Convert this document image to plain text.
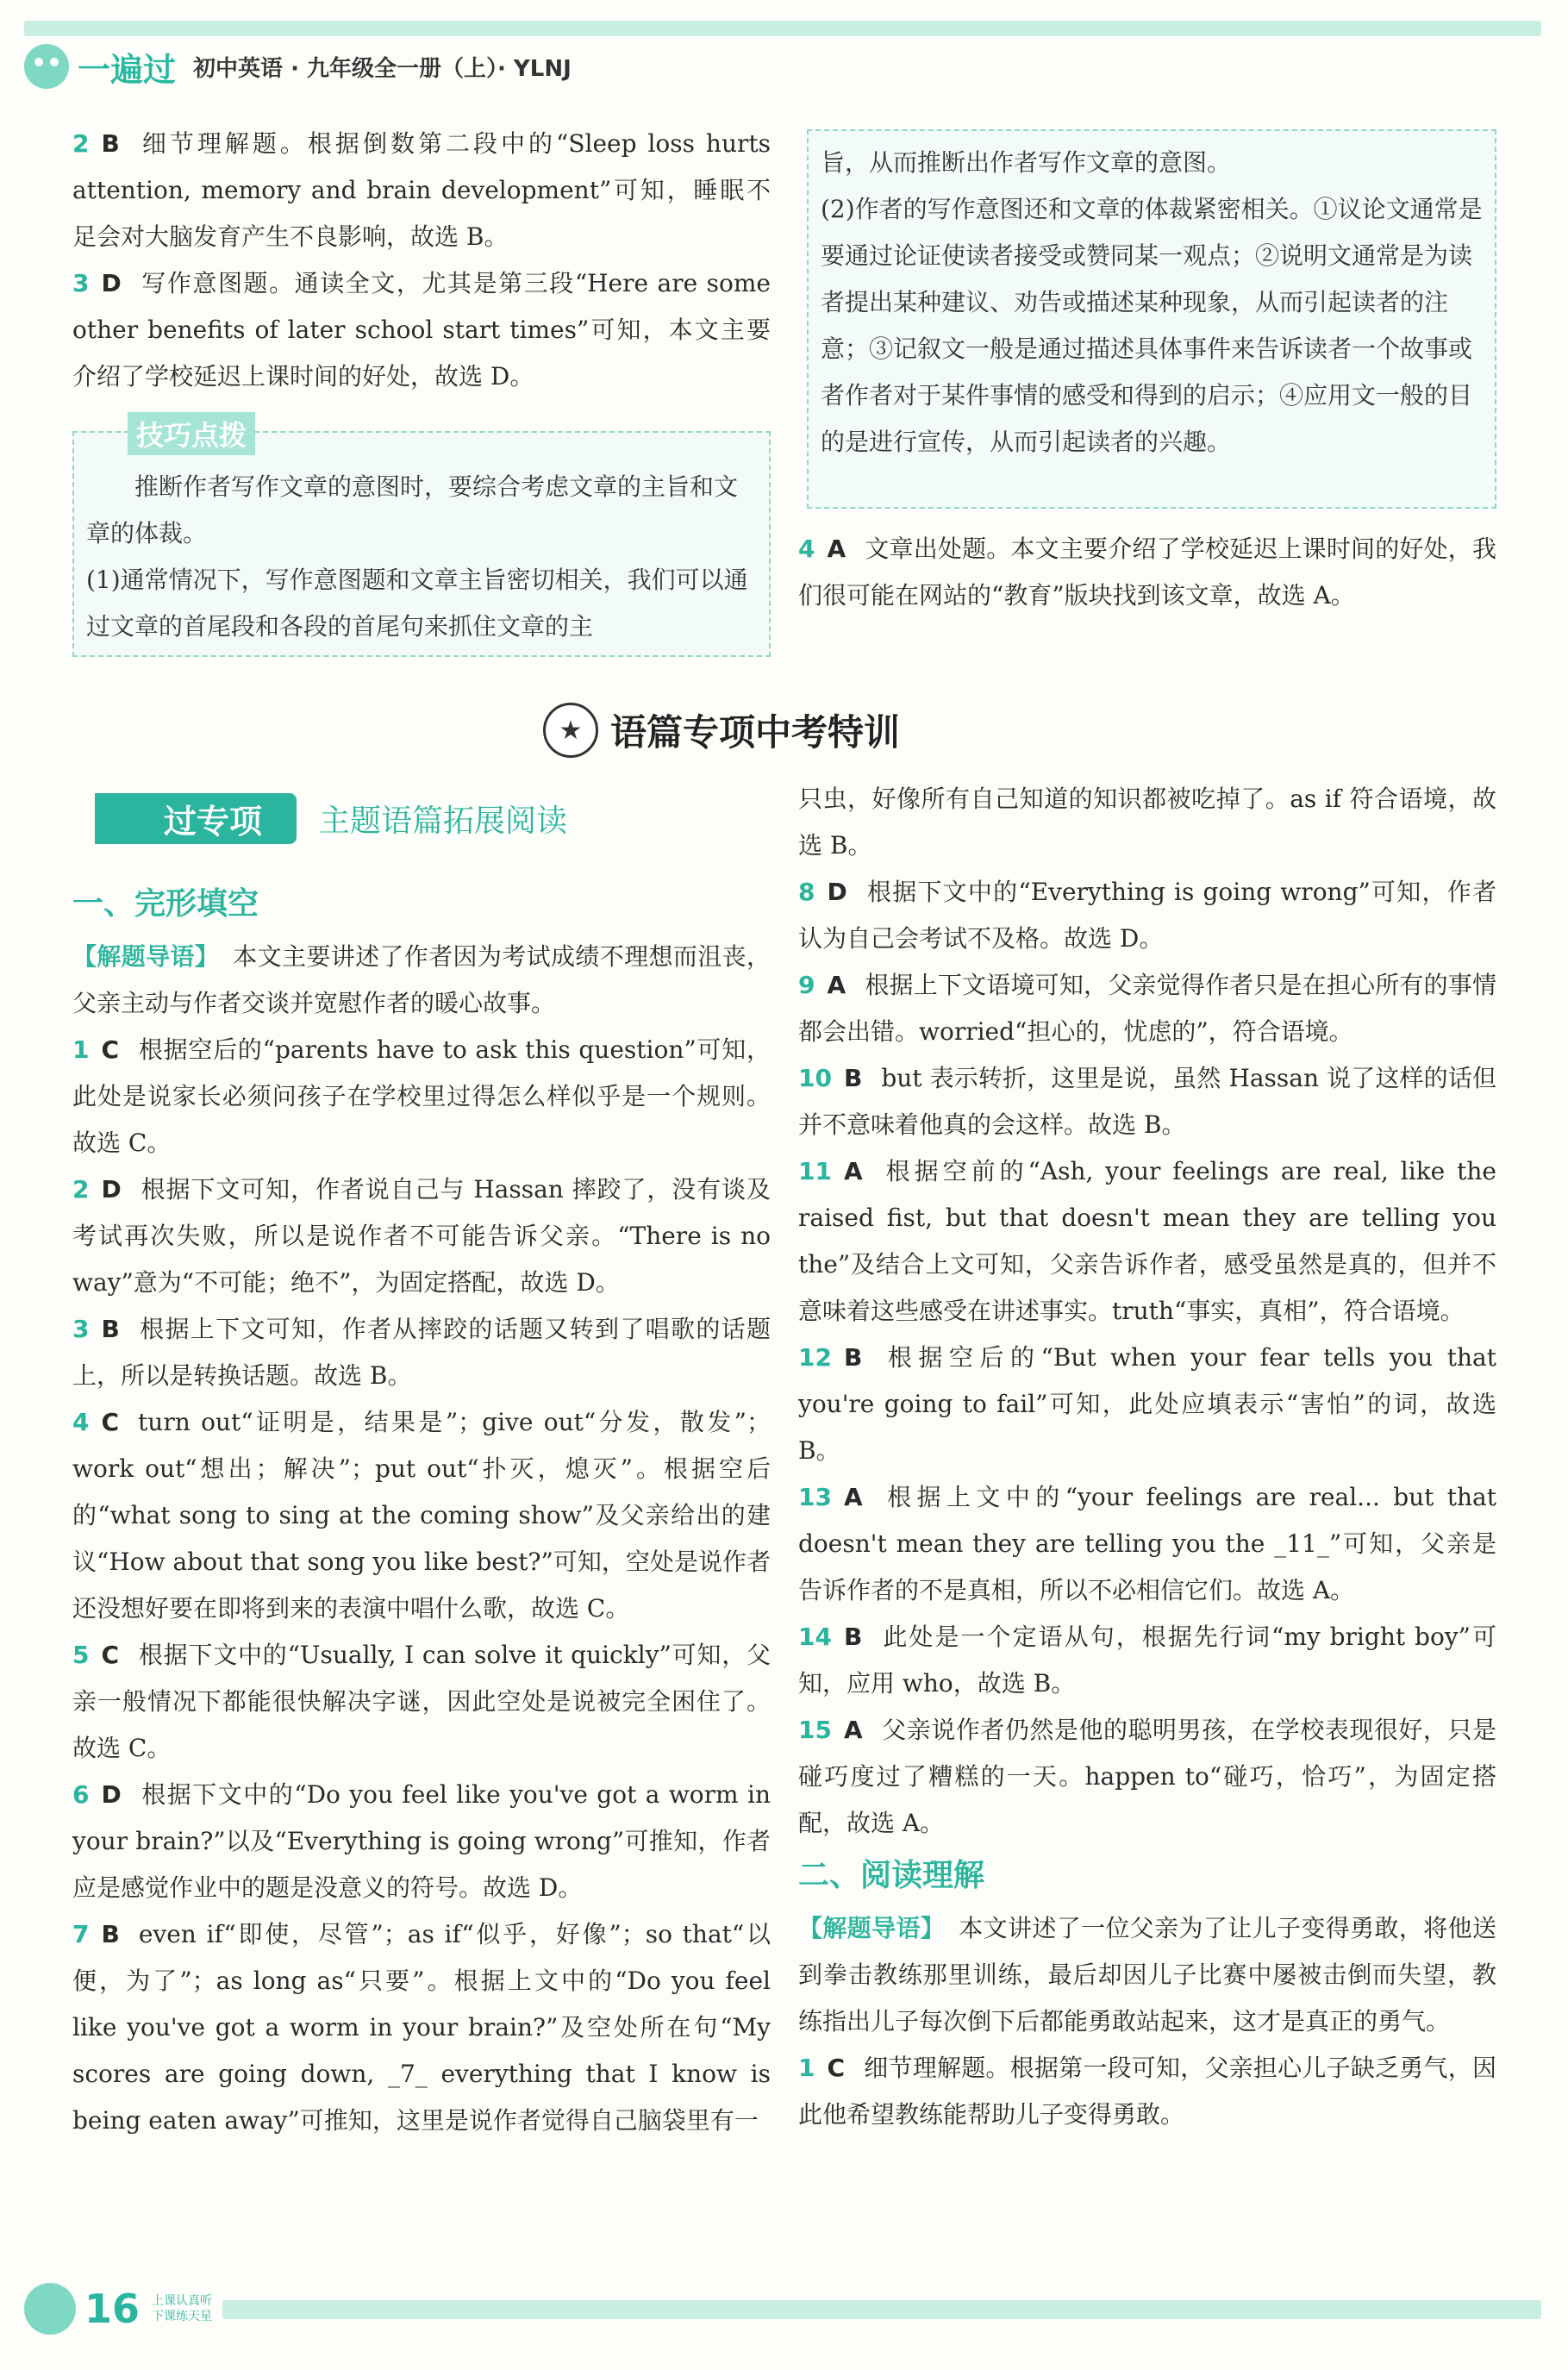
一遍过 初中英语 · 九年级全一册（上）· YLNJ

2 B 细节理解题。根据倒数第二段中的“Sleep loss hurts attention, memory and brain development”可知，睡眠不足会对大脑发育产生不良影响，故选 B。

3 D 写作意图题。通读全文，尤其是第三段“Here are some other benefits of later school start times”可知，本文主要介绍了学校延迟上课时间的好处，故选 D。

推断作者写作文章的意图时，要综合考虑文章的主旨和文章的体裁。

(1)通常情况下，写作意图题和文章主旨密切相关，我们可以通过文章的首尾段和各段的首尾句来抓住文章的主

技巧点拨

旨，从而推断出作者写作文章的意图。

(2)作者的写作意图还和文章的体裁紧密相关。①议论文通常是要通过论证使读者接受或赞同某一观点；②说明文通常是为读者提出某种建议、劝告或描述某种现象，从而引起读者的注意；③记叙文一般是通过描述具体事件来告诉读者一个故事或者作者对于某件事情的感受和得到的启示；④应用文一般的目的是进行宣传，从而引起读者的兴趣。

4 A 文章出处题。本文主要介绍了学校延迟上课时间的好处，我们很可能在网站的“教育”版块找到该文章，故选 A。

★ 语篇专项中考特训
过专项	主题语篇拓展阅读
一、完形填空

【解题导语】 本文主要讲述了作者因为考试成绩不理想而沮丧，父亲主动与作者交谈并宽慰作者的暖心故事。

1 C 根据空后的“parents have to ask this question”可知，此处是说家长必须问孩子在学校里过得怎么样似乎是一个规则。故选 C。

2 D 根据下文可知，作者说自己与 Hassan 摔跤了，没有谈及考试再次失败，所以是说作者不可能告诉父亲。“There is no way”意为“不可能；绝不”，为固定搭配，故选 D。

3 B 根据上下文可知，作者从摔跤的话题又转到了唱歌的话题上，所以是转换话题。故选 B。

4 C turn out“证明是，结果是”；give out“分发，散发”；work out“想出；解决”；put out“扑灭，熄灭”。根据空后的“what song to sing at the coming show”及父亲给出的建议“How about that song you like best?”可知，空处是说作者还没想好要在即将到来的表演中唱什么歌，故选 C。

5 C 根据下文中的“Usually, I can solve it quickly”可知，父亲一般情况下都能很快解决字谜，因此空处是说被完全困住了。故选 C。

6 D 根据下文中的“Do you feel like you've got a worm in your brain?”以及“Everything is going wrong”可推知，作者应是感觉作业中的题是没意义的符号。故选 D。

7 B even if“即使，尽管”；as if“似乎，好像”；so that“以便，为了”；as long as“只要”。根据上文中的“Do you feel like you've got a worm in your brain?”及空处所在句“My scores are going down, _7_ everything that I know is being eaten away”可推知，这里是说作者觉得自己脑袋里有一

只虫，好像所有自己知道的知识都被吃掉了。as if 符合语境，故选 B。

8 D 根据下文中的“Everything is going wrong”可知，作者认为自己会考试不及格。故选 D。

9 A 根据上下文语境可知，父亲觉得作者只是在担心所有的事情都会出错。worried“担心的，忧虑的”，符合语境。

10 B but 表示转折，这里是说，虽然 Hassan 说了这样的话但并不意味着他真的会这样。故选 B。

11 A 根据空前的“Ash, your feelings are real, like the raised fist, but that doesn't mean they are telling you the”及结合上文可知，父亲告诉作者，感受虽然是真的，但并不意味着这些感受在讲述事实。truth“事实，真相”，符合语境。

12 B 根据空后的“But when your fear tells you that you're going to fail”可知，此处应填表示“害怕”的词，故选 B。

13 A 根据上文中的“your feelings are real... but that doesn't mean they are telling you the _11_”可知，父亲是告诉作者的不是真相，所以不必相信它们。故选 A。

14 B 此处是一个定语从句，根据先行词“my bright boy”可知，应用 who，故选 B。

15 A 父亲说作者仍然是他的聪明男孩，在学校表现很好，只是碰巧度过了糟糕的一天。happen to“碰巧，恰巧”，为固定搭配，故选 A。

二、阅读理解

【解题导语】 本文讲述了一位父亲为了让儿子变得勇敢，将他送到拳击教练那里训练，最后却因儿子比赛中屡被击倒而失望，教练指出儿子每次倒下后都能勇敢站起来，这才是真正的勇气。

1 C 细节理解题。根据第一段可知，父亲担心儿子缺乏勇气，因此他希望教练能帮助儿子变得勇敢。

16 上课认真听
下课练天星
